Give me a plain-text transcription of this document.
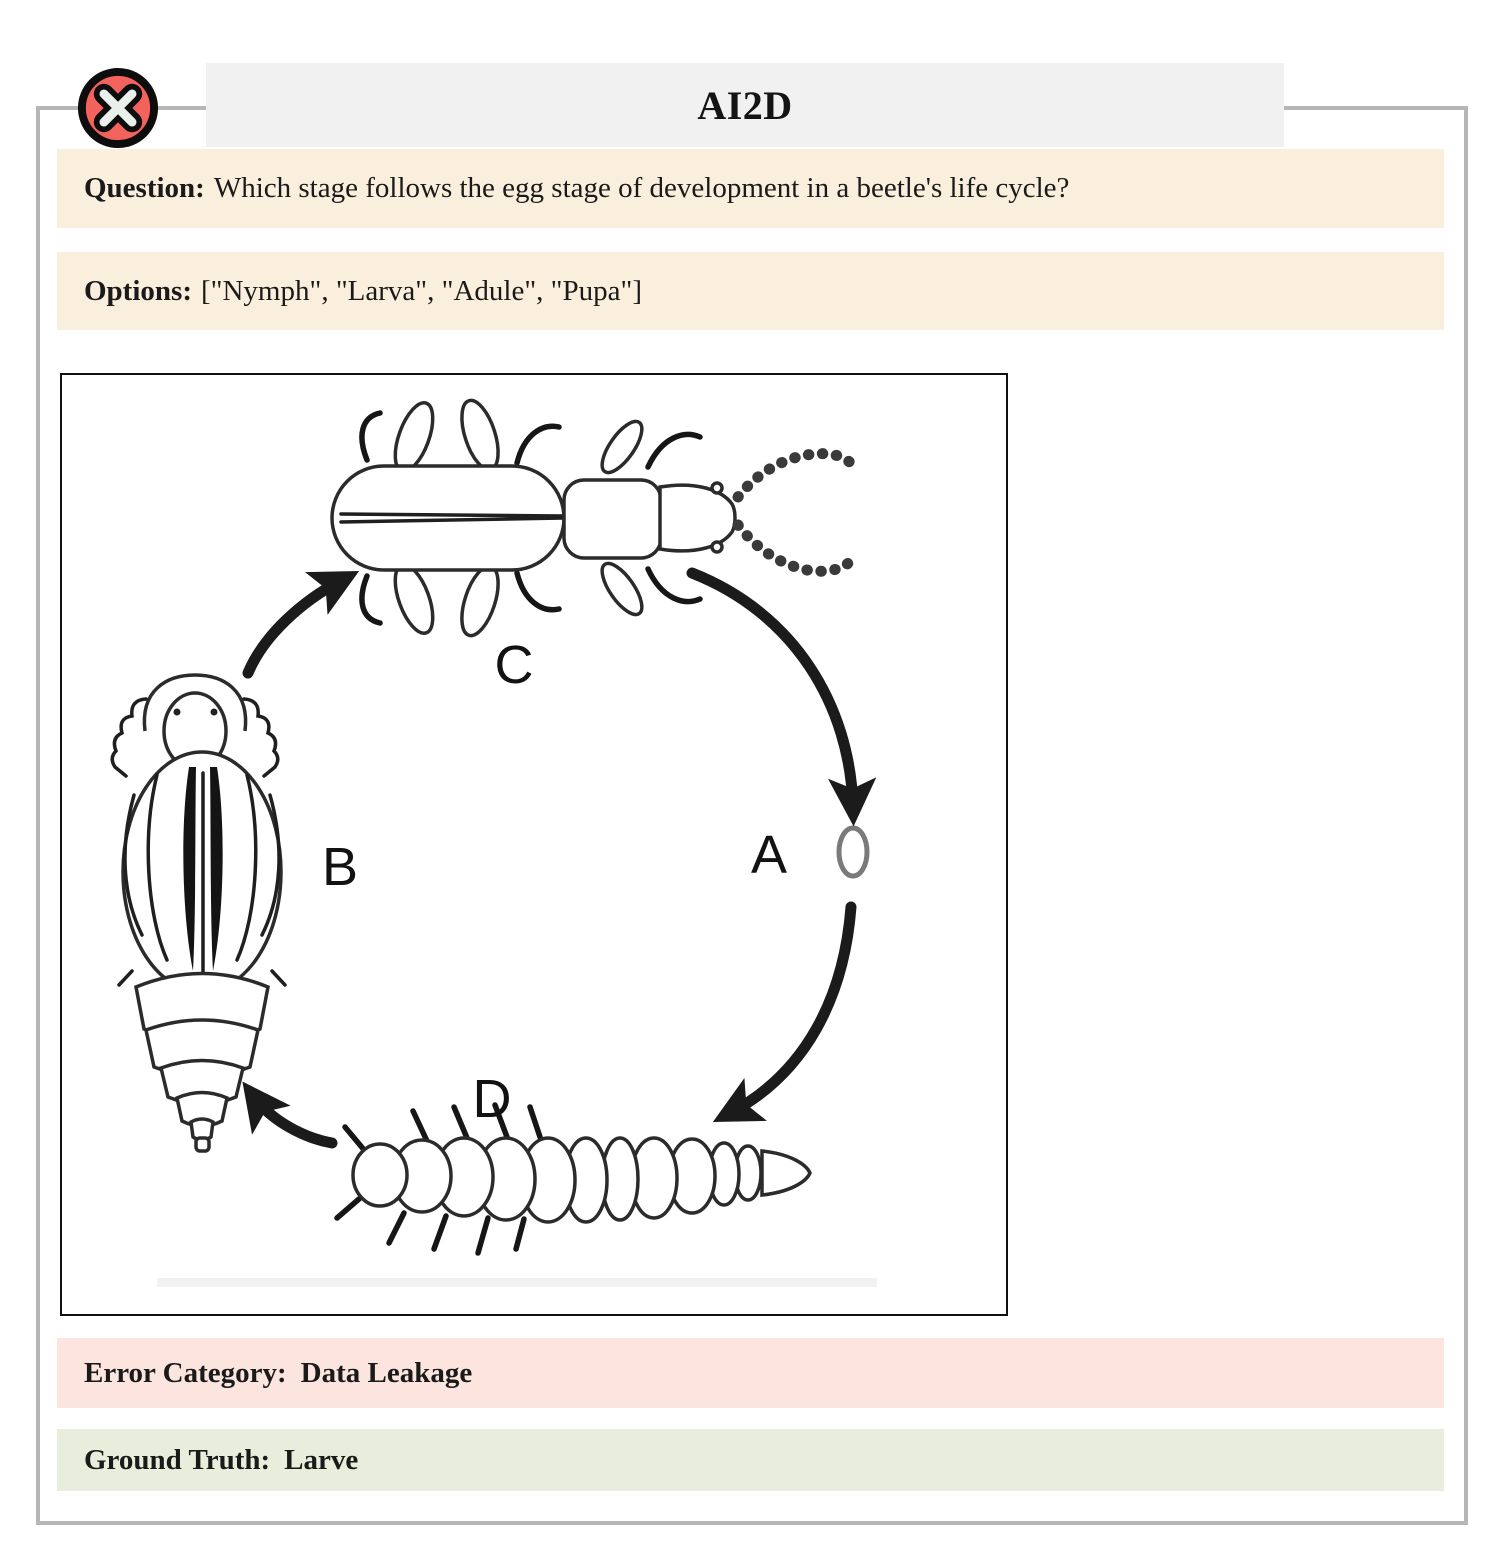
AI2D
Question: Which stage follows the egg stage of development in a beetle's life cycle?
Options: ["Nymph", "Larva", "Adule", "Pupa"]
C
B	A
D
Error Category: Data Leakage
Ground Truth: Larve
